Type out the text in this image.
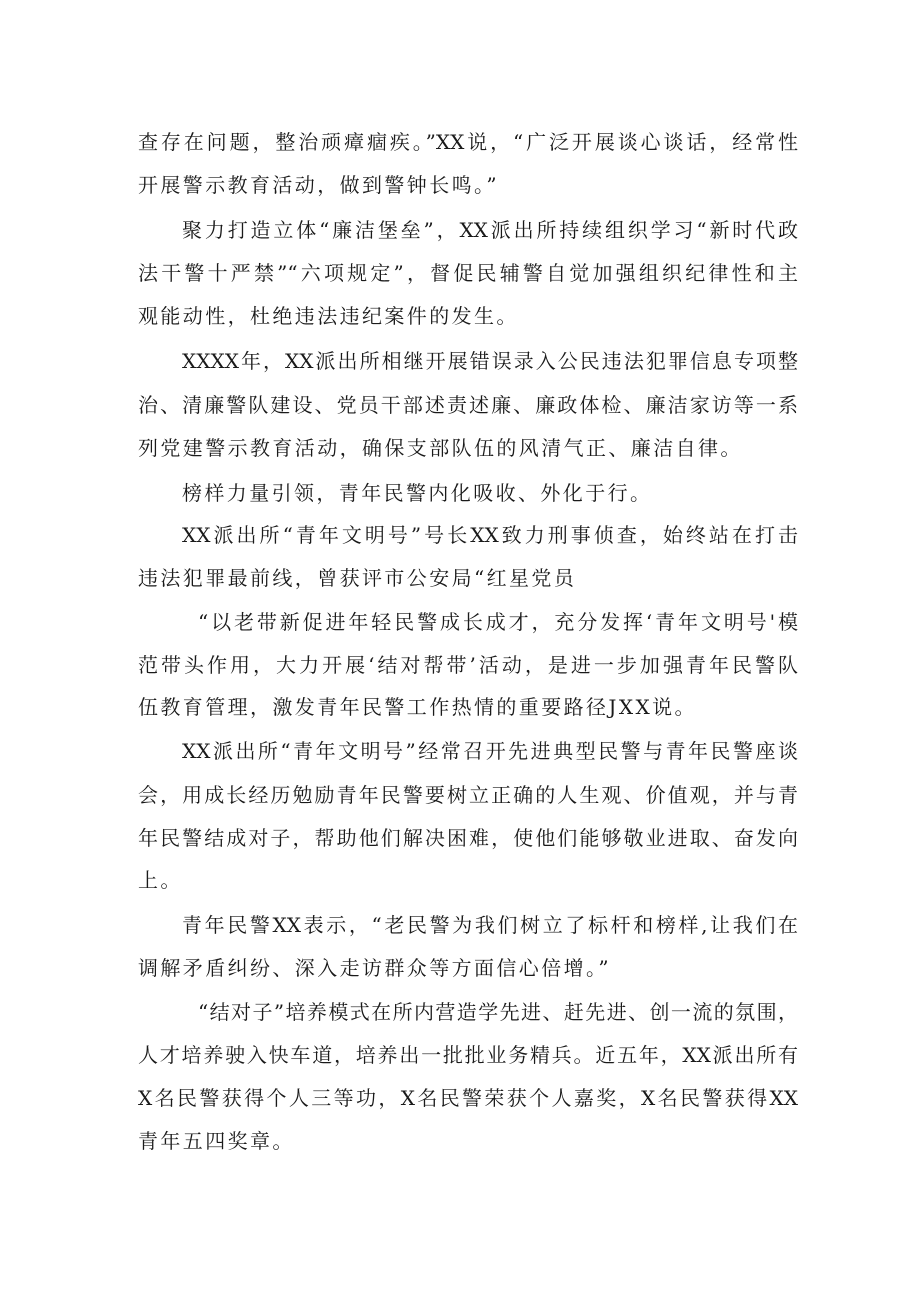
查存在问题，整治顽瘴痼疾。”XX说，“广泛开展谈心谈话，经常性
开展警示教育活动，做到警钟长鸣。”
聚力打造立体“廉洁堡垒”，XX派出所持续组织学习“新时代政
法干警十严禁”“六项规定”，督促民辅警自觉加强组织纪律性和主
观能动性，杜绝违法违纪案件的发生。
XXXX年，XX派出所相继开展错误录入公民违法犯罪信息专项整
治、清廉警队建设、党员干部述责述廉、廉政体检、廉洁家访等一系
列党建警示教育活动，确保支部队伍的风清气正、廉洁自律。
榜样力量引领，青年民警内化吸收、外化于行。
XX派出所“青年文明号”号长XX致力刑事侦查，始终站在打击
违法犯罪最前线，曾获评市公安局“红星党员
“以老带新促进年轻民警成长成才，充分发挥‘青年文明号'模
范带头作用，大力开展‘结对帮带’活动，是进一步加强青年民警队
伍教育管理，激发青年民警工作热情的重要路径JXX说。
XX派出所“青年文明号”经常召开先进典型民警与青年民警座谈
会，用成长经历勉励青年民警要树立正确的人生观、价值观，并与青
年民警结成对子，帮助他们解决困难，使他们能够敬业进取、奋发向
上。
青年民警XX表示，“老民警为我们树立了标杆和榜样,让我们在
调解矛盾纠纷、深入走访群众等方面信心倍增。”
“结对子”培养模式在所内营造学先进、赶先进、创一流的氛围，
人才培养驶入快车道，培养出一批批业务精兵。近五年，XX派出所有
X名民警获得个人三等功，X名民警荣获个人嘉奖，X名民警获得XX
青年五四奖章。
